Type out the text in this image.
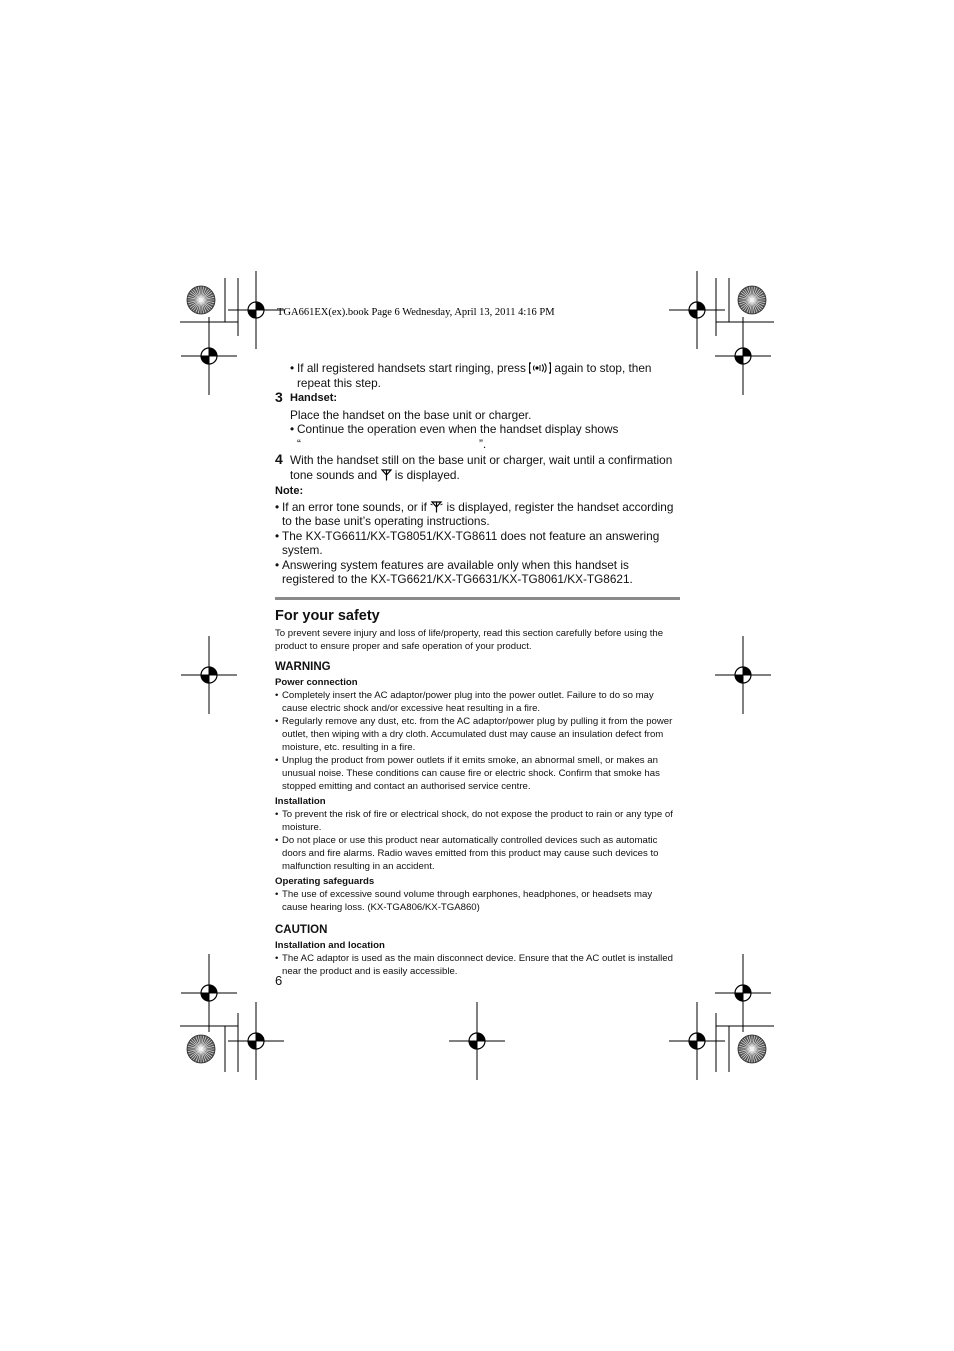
TGA661EX(ex).book Page 6 Wednesday, April 13, 2011 4:16 PM
• If all registered handsets start ringing, press  again to stop, then repeat this step.
3 Handset:
Place the handset on the base unit or charger.
• Continue the operation even when the handset display shows
“	”.
4 With the handset still on the base unit or charger, wait until a confirmation tone sounds and  is displayed.
Note:
• If an error tone sounds, or if  is displayed, register the handset according to the base unit’s operating instructions.
• The KX-TG6611/KX-TG8051/KX-TG8611 does not feature an answering system.
• Answering system features are available only when this handset is registered to the KX-TG6621/KX-TG6631/KX-TG8061/KX-TG8621.
For your safety
To prevent severe injury and loss of life/property, read this section carefully before using the product to ensure proper and safe operation of your product.
WARNING
Power connection
• Completely insert the AC adaptor/power plug into the power outlet. Failure to do so may cause electric shock and/or excessive heat resulting in a fire.
• Regularly remove any dust, etc. from the AC adaptor/power plug by pulling it from the power outlet, then wiping with a dry cloth. Accumulated dust may cause an insulation defect from moisture, etc. resulting in a fire.
• Unplug the product from power outlets if it emits smoke, an abnormal smell, or makes an unusual noise. These conditions can cause fire or electric shock. Confirm that smoke has stopped emitting and contact an authorised service centre.
Installation
• To prevent the risk of fire or electrical shock, do not expose the product to rain or any type of moisture.
• Do not place or use this product near automatically controlled devices such as automatic doors and fire alarms. Radio waves emitted from this product may cause such devices to malfunction resulting in an accident.
Operating safeguards
• The use of excessive sound volume through earphones, headphones, or headsets may cause hearing loss. (KX-TGA806/KX-TGA860)
CAUTION
Installation and location
• The AC adaptor is used as the main disconnect device. Ensure that the AC outlet is installed near the product and is easily accessible.
6
